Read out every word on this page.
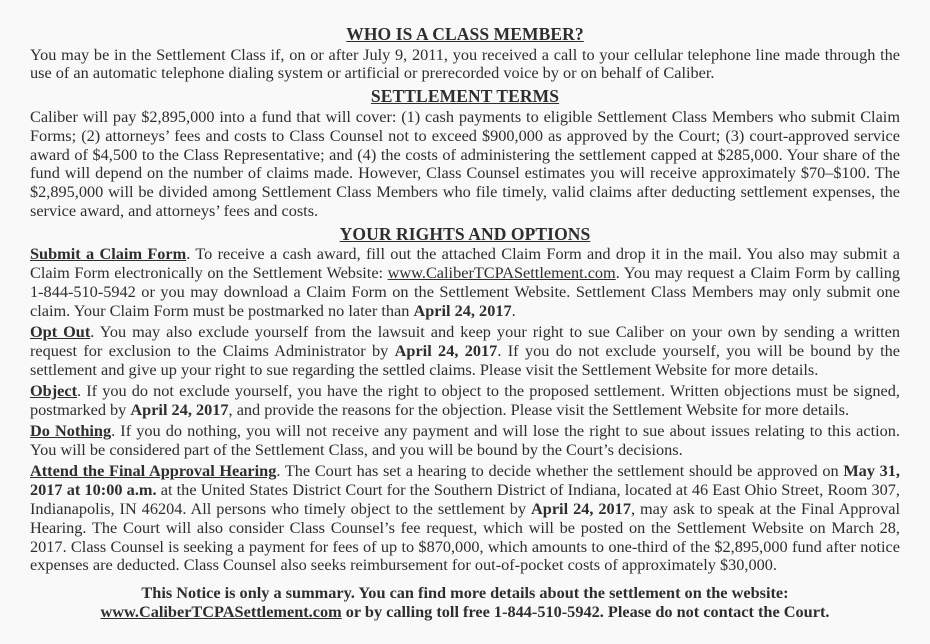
WHO IS A CLASS MEMBER?

You may be in the Settlement Class if, on or after July 9, 2011, you received a call to your cellular telephone line made through the use of an automatic telephone dialing system or artificial or prerecorded voice by or on behalf of Caliber.

SETTLEMENT TERMS

Caliber will pay $2,895,000 into a fund that will cover: (1) cash payments to eligible Settlement Class Members who submit Claim Forms; (2) attorneys’ fees and costs to Class Counsel not to exceed $900,000 as approved by the Court; (3) court-approved service award of $4,500 to the Class Representative; and (4) the costs of administering the settlement capped at $285,000. Your share of the fund will depend on the number of claims made. However, Class Counsel estimates you will receive approximately $70–$100. The $2,895,000 will be divided among Settlement Class Members who file timely, valid claims after deducting settlement expenses, the service award, and attorneys’ fees and costs.

YOUR RIGHTS AND OPTIONS

Submit a Claim Form. To receive a cash award, fill out the attached Claim Form and drop it in the mail. You also may submit a Claim Form electronically on the Settlement Website: www.CaliberTCPASettlement.com. You may request a Claim Form by calling 1-844-510-5942 or you may download a Claim Form on the Settlement Website. Settlement Class Members may only submit one claim. Your Claim Form must be postmarked no later than April 24, 2017.

Opt Out. You may also exclude yourself from the lawsuit and keep your right to sue Caliber on your own by sending a written request for exclusion to the Claims Administrator by April 24, 2017. If you do not exclude yourself, you will be bound by the settlement and give up your right to sue regarding the settled claims. Please visit the Settlement Website for more details.

Object. If you do not exclude yourself, you have the right to object to the proposed settlement. Written objections must be signed, postmarked by April 24, 2017, and provide the reasons for the objection. Please visit the Settlement Website for more details.

Do Nothing. If you do nothing, you will not receive any payment and will lose the right to sue about issues relating to this action. You will be considered part of the Settlement Class, and you will be bound by the Court’s decisions.

Attend the Final Approval Hearing. The Court has set a hearing to decide whether the settlement should be approved on May 31, 2017 at 10:00 a.m. at the United States District Court for the Southern District of Indiana, located at 46 East Ohio Street, Room 307, Indianapolis, IN 46204. All persons who timely object to the settlement by April 24, 2017, may ask to speak at the Final Approval Hearing. The Court will also consider Class Counsel’s fee request, which will be posted on the Settlement Website on March 28, 2017. Class Counsel is seeking a payment for fees of up to $870,000, which amounts to one-third of the $2,895,000 fund after notice expenses are deducted. Class Counsel also seeks reimbursement for out-of-pocket costs of approximately $30,000.

This Notice is only a summary. You can find more details about the settlement on the website: www.CaliberTCPASettlement.com or by calling toll free 1-844-510-5942. Please do not contact the Court.
